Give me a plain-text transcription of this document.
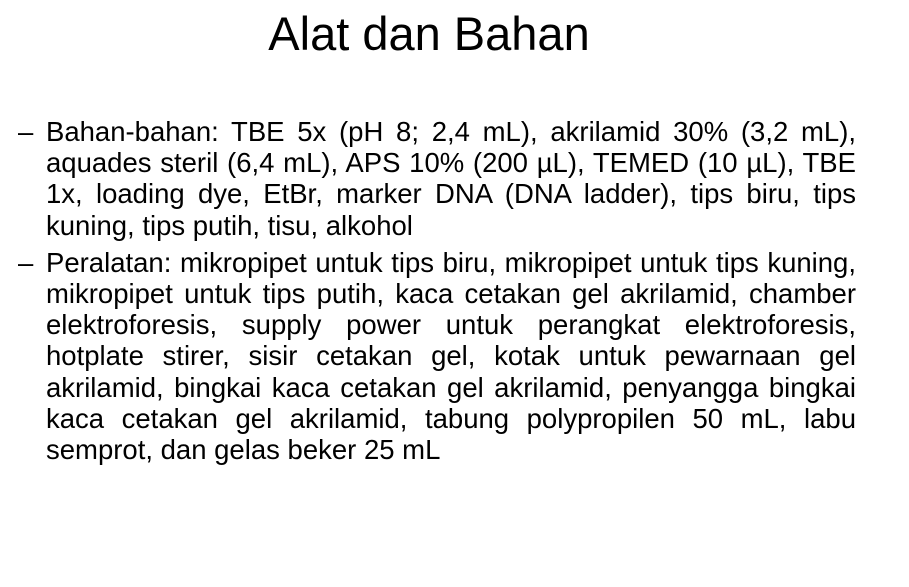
Alat dan Bahan
– Bahan-bahan: TBE 5x (pH 8; 2,4 mL), akrilamid 30% (3,2 mL), aquades steril (6,4 mL), APS 10% (200 µL), TEMED (10 µL), TBE 1x, loading dye, EtBr, marker DNA (DNA ladder), tips biru, tips kuning, tips putih, tisu, alkohol
– Peralatan: mikropipet untuk tips biru, mikropipet untuk tips kuning, mikropipet untuk tips putih, kaca cetakan gel akrilamid, chamber elektroforesis, supply power untuk perangkat elektroforesis, hotplate stirer, sisir cetakan gel, kotak untuk pewarnaan gel akrilamid, bingkai kaca cetakan gel akrilamid, penyangga bingkai kaca cetakan gel akrilamid, tabung polypropilen 50 mL, labu semprot, dan gelas beker 25 mL
